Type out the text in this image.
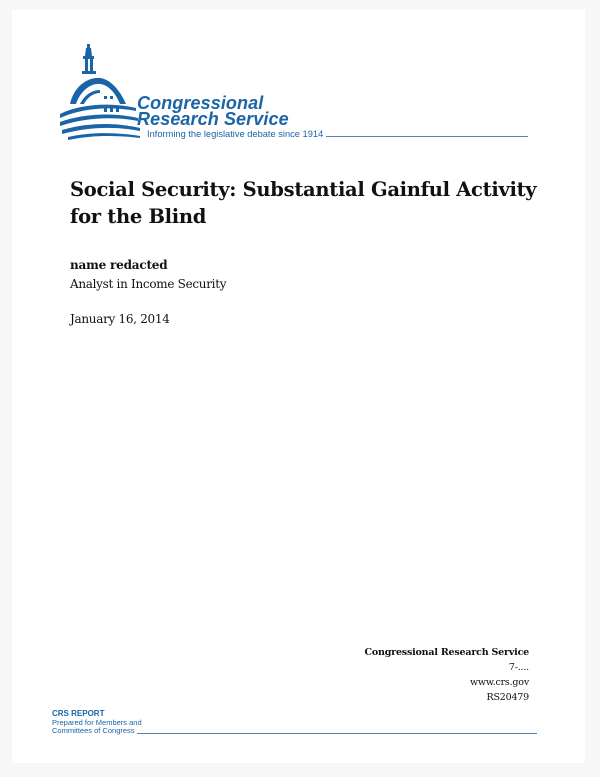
Congressional
Research Service
Informing the legislative debate since 1914
Social Security: Substantial Gainful Activity for the Blind
name redacted
Analyst in Income Security
January 16, 2014
Congressional Research Service
7-....
www.crs.gov
RS20479
CRS REPORT
Prepared for Members and
Committees of Congress
